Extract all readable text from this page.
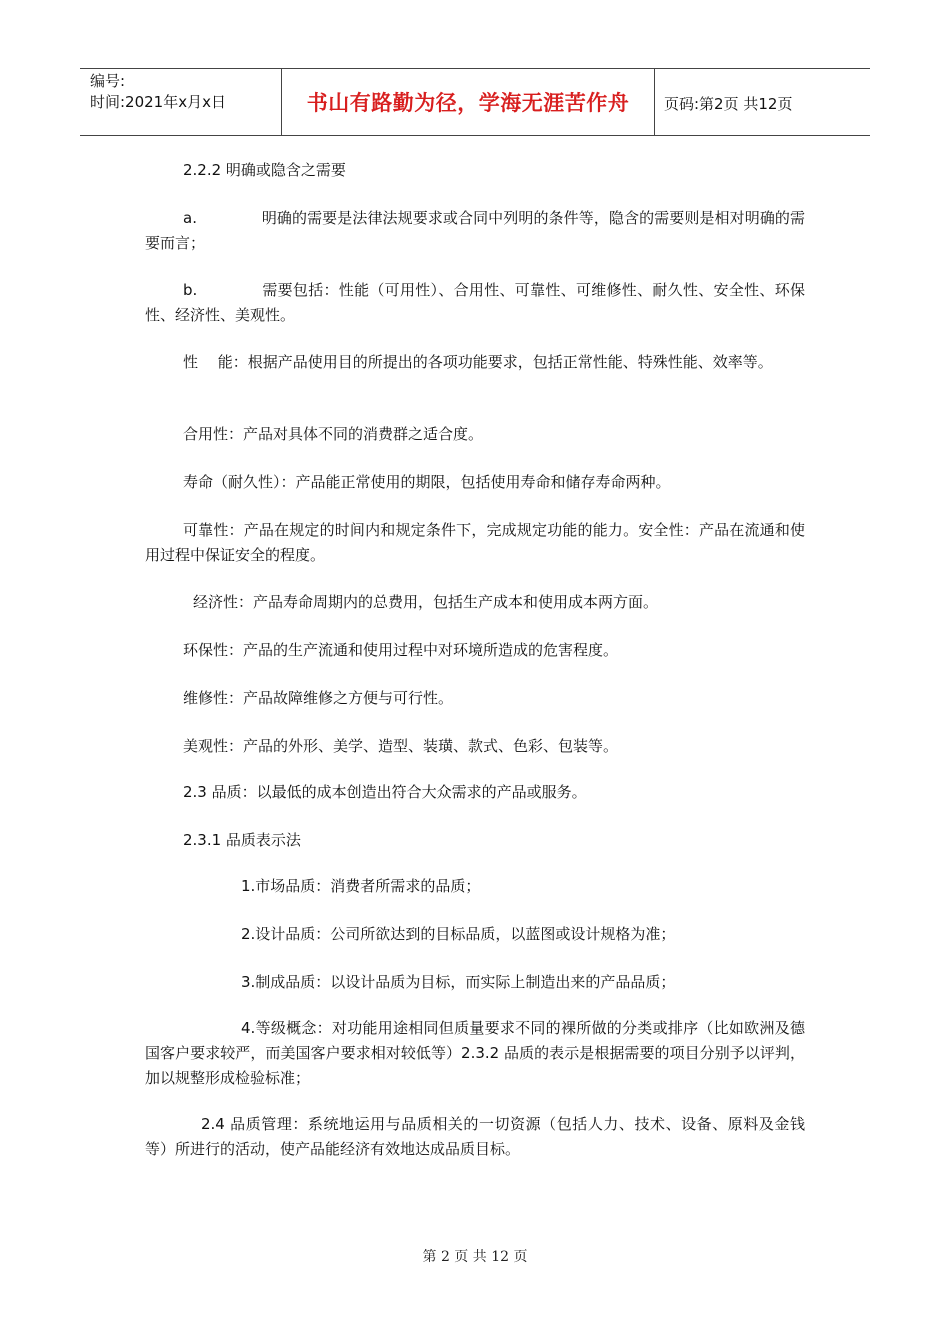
编号:
时间:2021年x月x日	书山有路勤为径，学海无涯苦作舟	页码:第2页 共12页

2.2.2 明确或隐含之需要

a.     明确的需要是法律法规要求或合同中列明的条件等，隐含的需要则是相对明确的需要而言；

b.     需要包括：性能（可用性）、合用性、可靠性、可维修性、耐久性、安全性、环保性、经济性、美观性。

性  能：根据产品使用目的所提出的各项功能要求，包括正常性能、特殊性能、效率等。

合用性：产品对具体不同的消费群之适合度。

寿命（耐久性）：产品能正常使用的期限，包括使用寿命和储存寿命两种。

可靠性：产品在规定的时间内和规定条件下，完成规定功能的能力。安全性：产品在流通和使用过程中保证安全的程度。

经济性：产品寿命周期内的总费用，包括生产成本和使用成本两方面。

环保性：产品的生产流通和使用过程中对环境所造成的危害程度。

维修性：产品故障维修之方便与可行性。

美观性：产品的外形、美学、造型、装璜、款式、色彩、包装等。

2.3 品质：以最低的成本创造出符合大众需求的产品或服务。

2.3.1 品质表示法

1.市场品质：消费者所需求的品质；

2.设计品质：公司所欲达到的目标品质，以蓝图或设计规格为准；

3.制成品质：以设计品质为目标，而实际上制造出来的产品品质；

4.等级概念：对功能用途相同但质量要求不同的裸所做的分类或排序（比如欧洲及德国客户要求较严，而美国客户要求相对较低等）2.3.2 品质的表示是根据需要的项目分别予以评判，加以规整形成检验标准；

2.4 品质管理：系统地运用与品质相关的一切资源（包括人力、技术、设备、原料及金钱等）所进行的活动，使产品能经济有效地达成品质目标。

第 2 页 共 12 页
